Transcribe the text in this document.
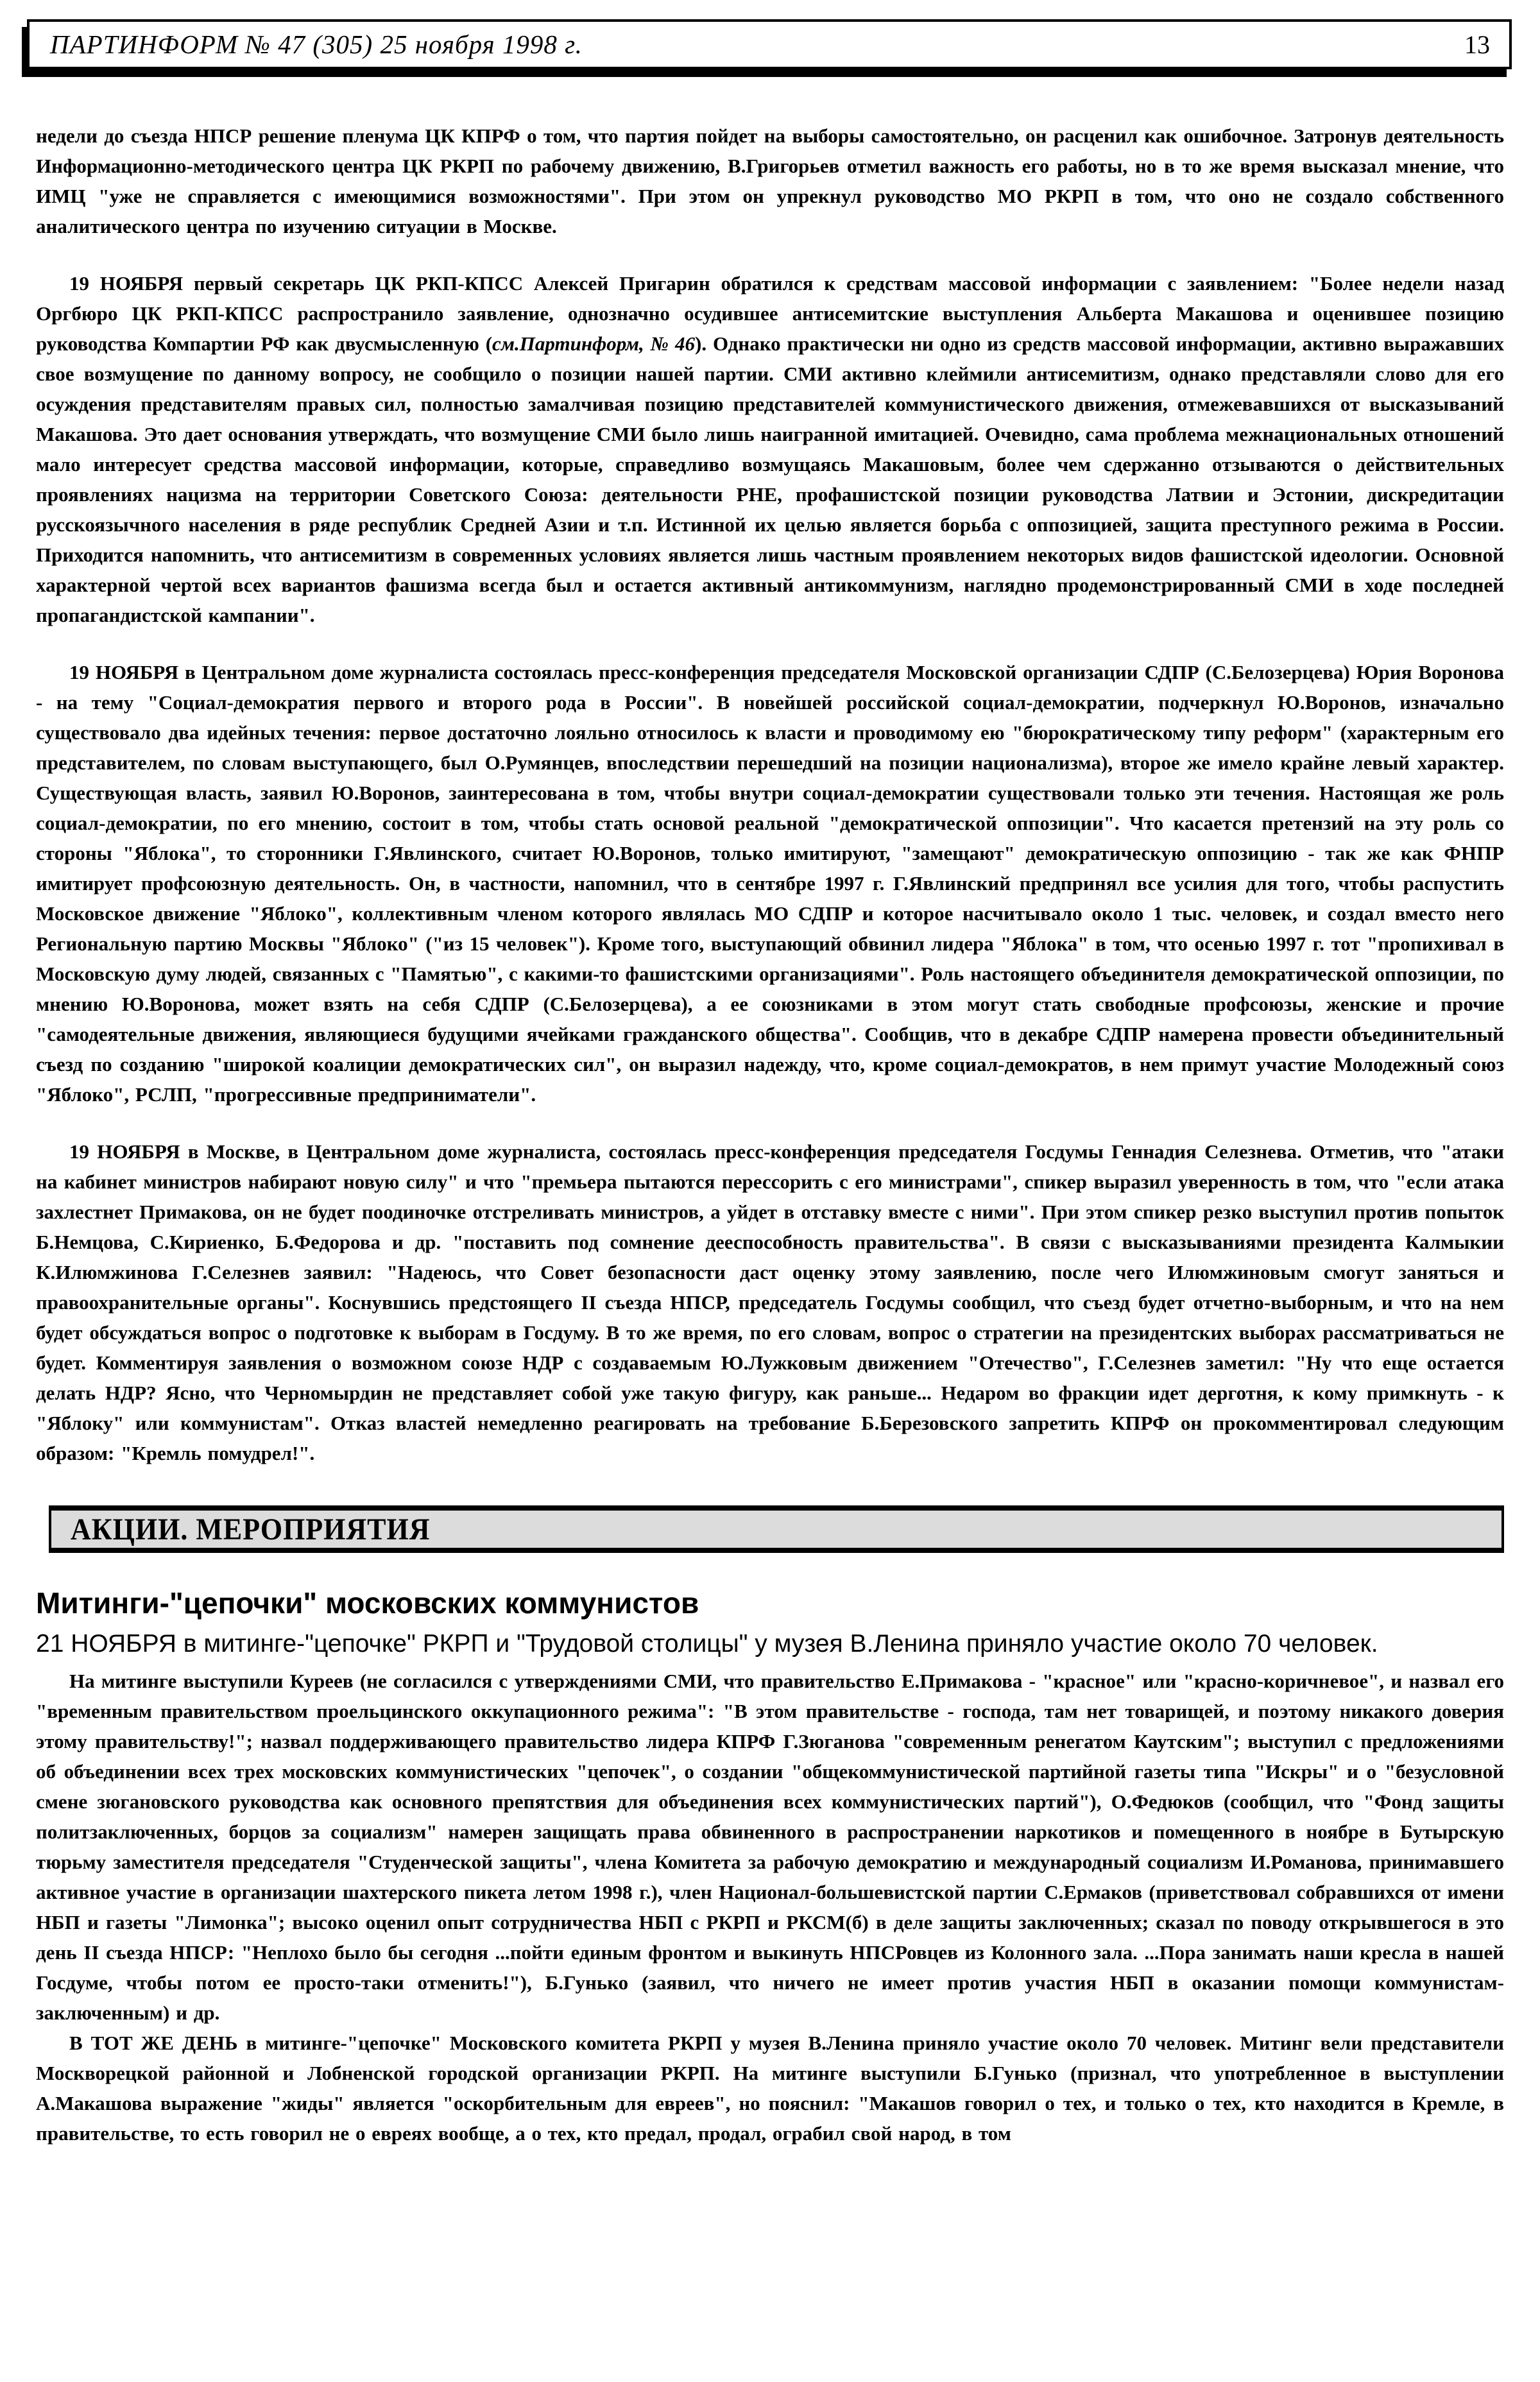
ПАРТИНФОРМ № 47 (305) 25 ноября 1998 г.	13

недели до съезда НПСР решение пленума ЦК КПРФ о том, что партия пойдет на выборы самостоятельно, он расценил как ошибочное. Затронув деятельность Информационно-методического центра ЦК РКРП по рабочему движению, В.Григорьев отметил важность его работы, но в то же время высказал мнение, что ИМЦ "уже не справляется с имеющимися возможностями". При этом он упрекнул руководство МО РКРП в том, что оно не создало собственного аналитического центра по изучению ситуации в Москве.

19 НОЯБРЯ первый секретарь ЦК РКП-КПСС Алексей Пригарин обратился к средствам массовой информации с заявлением: "Более недели назад Оргбюро ЦК РКП-КПСС распространило заявление, однозначно осудившее антисемитские выступления Альберта Макашова и оценившее позицию руководства Компартии РФ как двусмысленную (см.Партинформ, № 46). Однако практически ни одно из средств массовой информации, активно выражавших свое возмущение по данному вопросу, не сообщило о позиции нашей партии. СМИ активно клеймили антисемитизм, однако представляли слово для его осуждения представителям правых сил, полностью замалчивая позицию представителей коммунистического движения, отмежевавшихся от высказываний Макашова. Это дает основания утверждать, что возмущение СМИ было лишь наигранной имитацией. Очевидно, сама проблема межнациональных отношений мало интересует средства массовой информации, которые, справедливо возмущаясь Макашовым, более чем сдержанно отзываются о действительных проявлениях нацизма на территории Советского Союза: деятельности РНЕ, профашистской позиции руководства Латвии и Эстонии, дискредитации русскоязычного населения в ряде республик Средней Азии и т.п. Истинной их целью является борьба с оппозицией, защита преступного режима в России. Приходится напомнить, что антисемитизм в современных условиях является лишь частным проявлением некоторых видов фашистской идеологии. Основной характерной чертой всех вариантов фашизма всегда был и остается активный антикоммунизм, наглядно продемонстрированный СМИ в ходе последней пропагандистской кампании".

19 НОЯБРЯ в Центральном доме журналиста состоялась пресс-конференция председателя Московской организации СДПР (С.Белозерцева) Юрия Воронова - на тему "Социал-демократия первого и второго рода в России". В новейшей российской социал-демократии, подчеркнул Ю.Воронов, изначально существовало два идейных течения: первое достаточно лояльно относилось к власти и проводимому ею "бюрократическому типу реформ" (характерным его представителем, по словам выступающего, был О.Румянцев, впоследствии перешедший на позиции национализма), второе же имело крайне левый характер. Существующая власть, заявил Ю.Воронов, заинтересована в том, чтобы внутри социал-демократии существовали только эти течения. Настоящая же роль социал-демократии, по его мнению, состоит в том, чтобы стать основой реальной "демократической оппозиции". Что касается претензий на эту роль со стороны "Яблока", то сторонники Г.Явлинского, считает Ю.Воронов, только имитируют, "замещают" демократическую оппозицию - так же как ФНПР имитирует профсоюзную деятельность. Он, в частности, напомнил, что в сентябре 1997 г. Г.Явлинский предпринял все усилия для того, чтобы распустить Московское движение "Яблоко", коллективным членом которого являлась МО СДПР и которое насчитывало около 1 тыс. человек, и создал вместо него Региональную партию Москвы "Яблоко" ("из 15 человек"). Кроме того, выступающий обвинил лидера "Яблока" в том, что осенью 1997 г. тот "пропихивал в Московскую думу людей, связанных с "Памятью", с какими-то фашистскими организациями". Роль настоящего объединителя демократической оппозиции, по мнению Ю.Воронова, может взять на себя СДПР (С.Белозерцева), а ее союзниками в этом могут стать свободные профсоюзы, женские и прочие "самодеятельные движения, являющиеся будущими ячейками гражданского общества". Сообщив, что в декабре СДПР намерена провести объединительный съезд по созданию "широкой коалиции демократических сил", он выразил надежду, что, кроме социал-демократов, в нем примут участие Молодежный союз "Яблоко", РСЛП, "прогрессивные предприниматели".

19 НОЯБРЯ в Москве, в Центральном доме журналиста, состоялась пресс-конференция председателя Госдумы Геннадия Селезнева. Отметив, что "атаки на кабинет министров набирают новую силу" и что "премьера пытаются перессорить с его министрами", спикер выразил уверенность в том, что "если атака захлестнет Примакова, он не будет поодиночке отстреливать министров, а уйдет в отставку вместе с ними". При этом спикер резко выступил против попыток Б.Немцова, С.Кириенко, Б.Федорова и др. "поставить под сомнение дееспособность правительства". В связи с высказываниями президента Калмыкии К.Илюмжинова Г.Селезнев заявил: "Надеюсь, что Совет безопасности даст оценку этому заявлению, после чего Илюмжиновым смогут заняться и правоохранительные органы". Коснувшись предстоящего II съезда НПСР, председатель Госдумы сообщил, что съезд будет отчетно-выборным, и что на нем будет обсуждаться вопрос о подготовке к выборам в Госдуму. В то же время, по его словам, вопрос о стратегии на президентских выборах рассматриваться не будет. Комментируя заявления о возможном союзе НДР с создаваемым Ю.Лужковым движением "Отечество", Г.Селезнев заметил: "Ну что еще остается делать НДР? Ясно, что Черномырдин не представляет собой уже такую фигуру, как раньше... Недаром во фракции идет дерготня, к кому примкнуть - к "Яблоку" или коммунистам". Отказ властей немедленно реагировать на требование Б.Березовского запретить КПРФ он прокомментировал следующим образом: "Кремль помудрел!".

АКЦИИ. МЕРОПРИЯТИЯ
Митинги-"цепочки" московских коммунистов

21 НОЯБРЯ в митинге-"цепочке" РКРП и "Трудовой столицы" у музея В.Ленина приняло участие около 70 человек.

На митинге выступили Куреев (не согласился с утверждениями СМИ, что правительство Е.Примакова - "красное" или "красно-коричневое", и назвал его "временным правительством проельцинского оккупационного режима": "В этом правительстве - господа, там нет товарищей, и поэтому никакого доверия этому правительству!"; назвал поддерживающего правительство лидера КПРФ Г.Зюганова "современным ренегатом Каутским"; выступил с предложениями об объединении всех трех московских коммунистических "цепочек", о создании "общекоммунистической партийной газеты типа "Искры" и о "безусловной смене зюгановского руководства как основного препятствия для объединения всех коммунистических партий"), О.Федюков (сообщил, что "Фонд защиты политзаключенных, борцов за социализм" намерен защищать права обвиненного в распространении наркотиков и помещенного в ноябре в Бутырскую тюрьму заместителя председателя "Студенческой защиты", члена Комитета за рабочую демократию и международный социализм И.Романова, принимавшего активное участие в организации шахтерского пикета летом 1998 г.), член Национал-большевистской партии С.Ермаков (приветствовал собравшихся от имени НБП и газеты "Лимонка"; высоко оценил опыт сотрудничества НБП с РКРП и РКСМ(б) в деле защиты заключенных; сказал по поводу открывшегося в это день II съезда НПСР: "Неплохо было бы сегодня ...пойти единым фронтом и выкинуть НПСРовцев из Колонного зала. ...Пора занимать наши кресла в нашей Госдуме, чтобы потом ее просто-таки отменить!"), Б.Гунько (заявил, что ничего не имеет против участия НБП в оказании помощи коммунистам-заключенным) и др.

В ТОТ ЖЕ ДЕНЬ в митинге-"цепочке" Московского комитета РКРП у музея В.Ленина приняло участие около 70 человек. Митинг вели представители Москворецкой районной и Лобненской городской организации РКРП. На митинге выступили Б.Гунько (признал, что употребленное в выступлении А.Макашова выражение "жиды" является "оскорбительным для евреев", но пояснил: "Макашов говорил о тех, и только о тех, кто находится в Кремле, в правительстве, то есть говорил не о евреях вообще, а о тех, кто предал, продал, ограбил свой народ, в том
